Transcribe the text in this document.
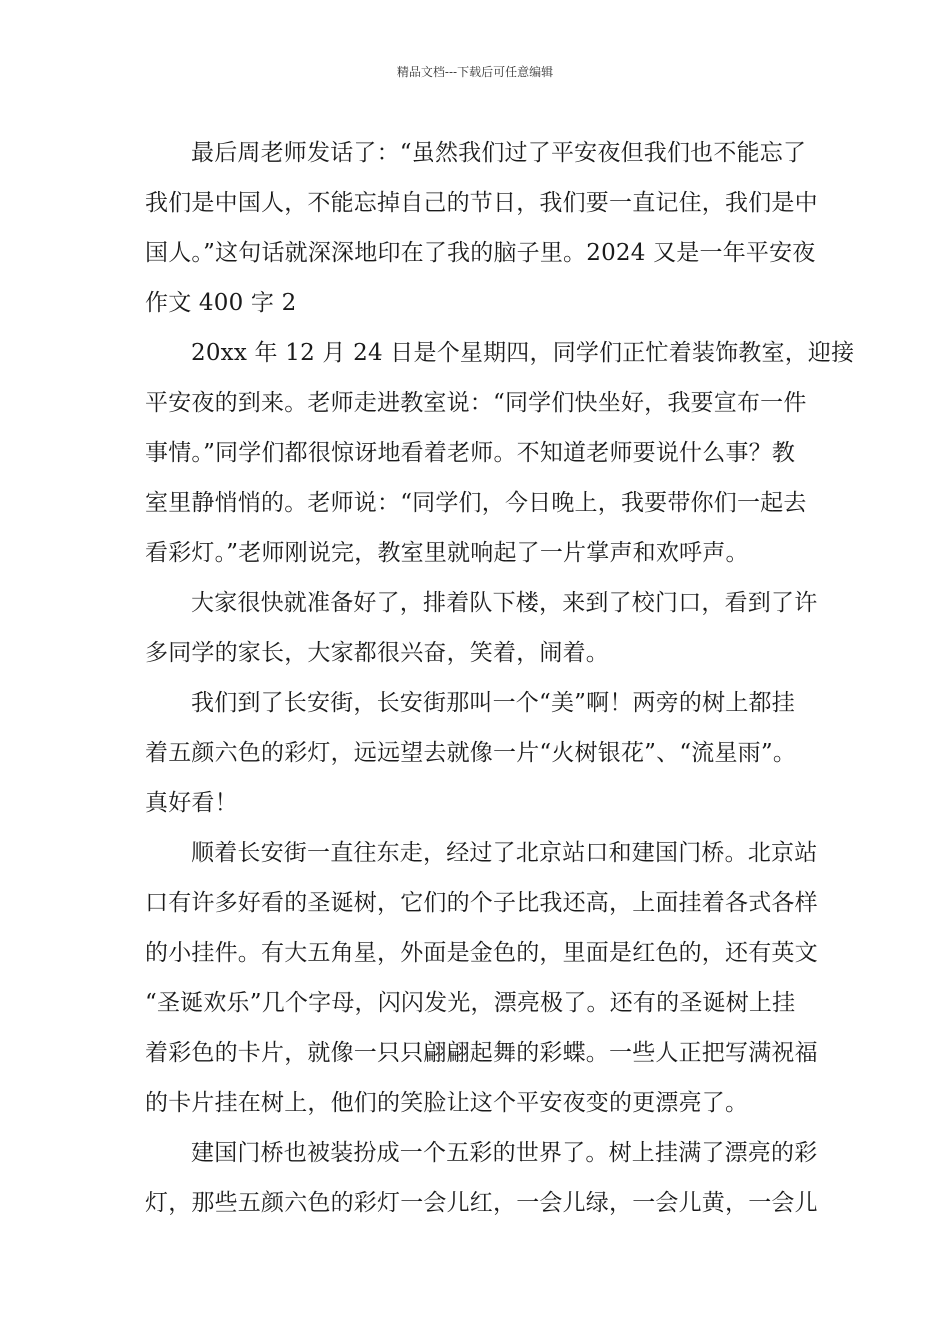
精品文档---下载后可任意编辑
最后周老师发话了：“虽然我们过了平安夜但我们也不能忘了
我们是中国人，不能忘掉自己的节日，我们要一直记住，我们是中
国人。”这句话就深深地印在了我的脑子里。2024 又是一年平安夜
作文 400 字 2
20xx 年 12 月 24 日是个星期四，同学们正忙着装饰教室，迎接
平安夜的到来。老师走进教室说：“同学们快坐好，我要宣布一件
事情。”同学们都很惊讶地看着老师。不知道老师要说什么事？教
室里静悄悄的。老师说：“同学们，今日晚上，我要带你们一起去
看彩灯。”老师刚说完，教室里就响起了一片掌声和欢呼声。
大家很快就准备好了，排着队下楼，来到了校门口，看到了许
多同学的家长，大家都很兴奋，笑着，闹着。
我们到了长安街，长安街那叫一个“美”啊！两旁的树上都挂
着五颜六色的彩灯，远远望去就像一片“火树银花”、“流星雨”。
真好看！
顺着长安街一直往东走，经过了北京站口和建国门桥。北京站
口有许多好看的圣诞树，它们的个子比我还高，上面挂着各式各样
的小挂件。有大五角星，外面是金色的，里面是红色的，还有英文
“圣诞欢乐”几个字母，闪闪发光，漂亮极了。还有的圣诞树上挂
着彩色的卡片，就像一只只翩翩起舞的彩蝶。一些人正把写满祝福
的卡片挂在树上，他们的笑脸让这个平安夜变的更漂亮了。
建国门桥也被装扮成一个五彩的世界了。树上挂满了漂亮的彩
灯，那些五颜六色的彩灯一会儿红，一会儿绿，一会儿黄，一会儿
